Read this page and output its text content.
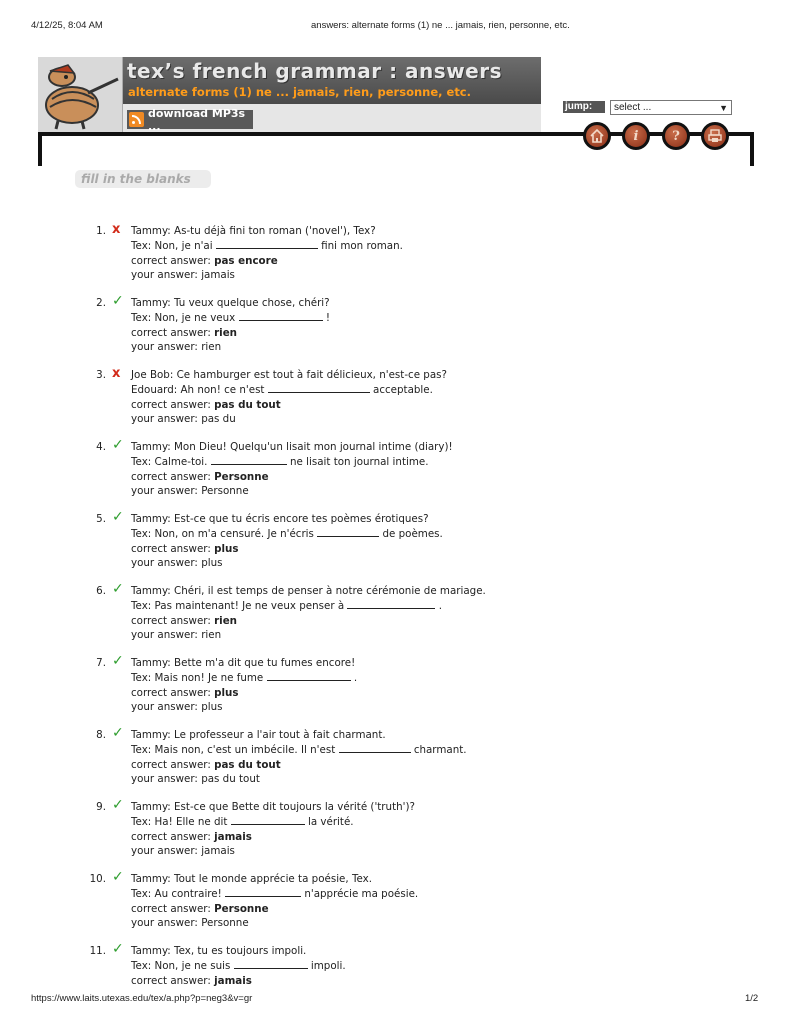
4/12/25, 8:04 AM	answers: alternate forms (1) ne ... jamais, rien, personne, etc.
tex’s french grammar : answers
alternate forms (1) ne ... jamais, rien, personne, etc.
download MP3s ...
jump:	select ...	▼
i	?
fill in the blanks
1. x Tammy: As-tu déjà fini ton roman ('novel'), Tex?
Tex: Non, je n'ai	fini mon roman.
correct answer: pas encore
your answer: jamais
2. ✓ Tammy: Tu veux quelque chose, chéri?
Tex: Non, je ne veux	!
correct answer: rien
your answer: rien
3. x Joe Bob: Ce hamburger est tout à fait délicieux, n'est-ce pas?
Edouard: Ah non! ce n'est	acceptable.
correct answer: pas du tout
your answer: pas du
4. ✓ Tammy: Mon Dieu! Quelqu'un lisait mon journal intime (diary)!
Tex: Calme-toi.	ne lisait ton journal intime.
correct answer: Personne
your answer: Personne
5. ✓ Tammy: Est-ce que tu écris encore tes poèmes érotiques?
Tex: Non, on m'a censuré. Je n'écris	de poèmes.
correct answer: plus
your answer: plus
6. ✓ Tammy: Chéri, il est temps de penser à notre cérémonie de mariage.
Tex: Pas maintenant! Je ne veux penser à	.
correct answer: rien
your answer: rien
7. ✓ Tammy: Bette m'a dit que tu fumes encore!
Tex: Mais non! Je ne fume	.
correct answer: plus
your answer: plus
8. ✓ Tammy: Le professeur a l'air tout à fait charmant.
Tex: Mais non, c'est un imbécile. Il n'est	charmant.
correct answer: pas du tout
your answer: pas du tout
9. ✓ Tammy: Est-ce que Bette dit toujours la vérité ('truth')?
Tex: Ha! Elle ne dit	la vérité.
correct answer: jamais
your answer: jamais
10. ✓ Tammy: Tout le monde apprécie ta poésie, Tex.
Tex: Au contraire!	n'apprécie ma poésie.
correct answer: Personne
your answer: Personne
11. ✓ Tammy: Tex, tu es toujours impoli.
Tex: Non, je ne suis	impoli.
correct answer: jamais
https://www.laits.utexas.edu/tex/a.php?p=neg3&v=gr	1/2
